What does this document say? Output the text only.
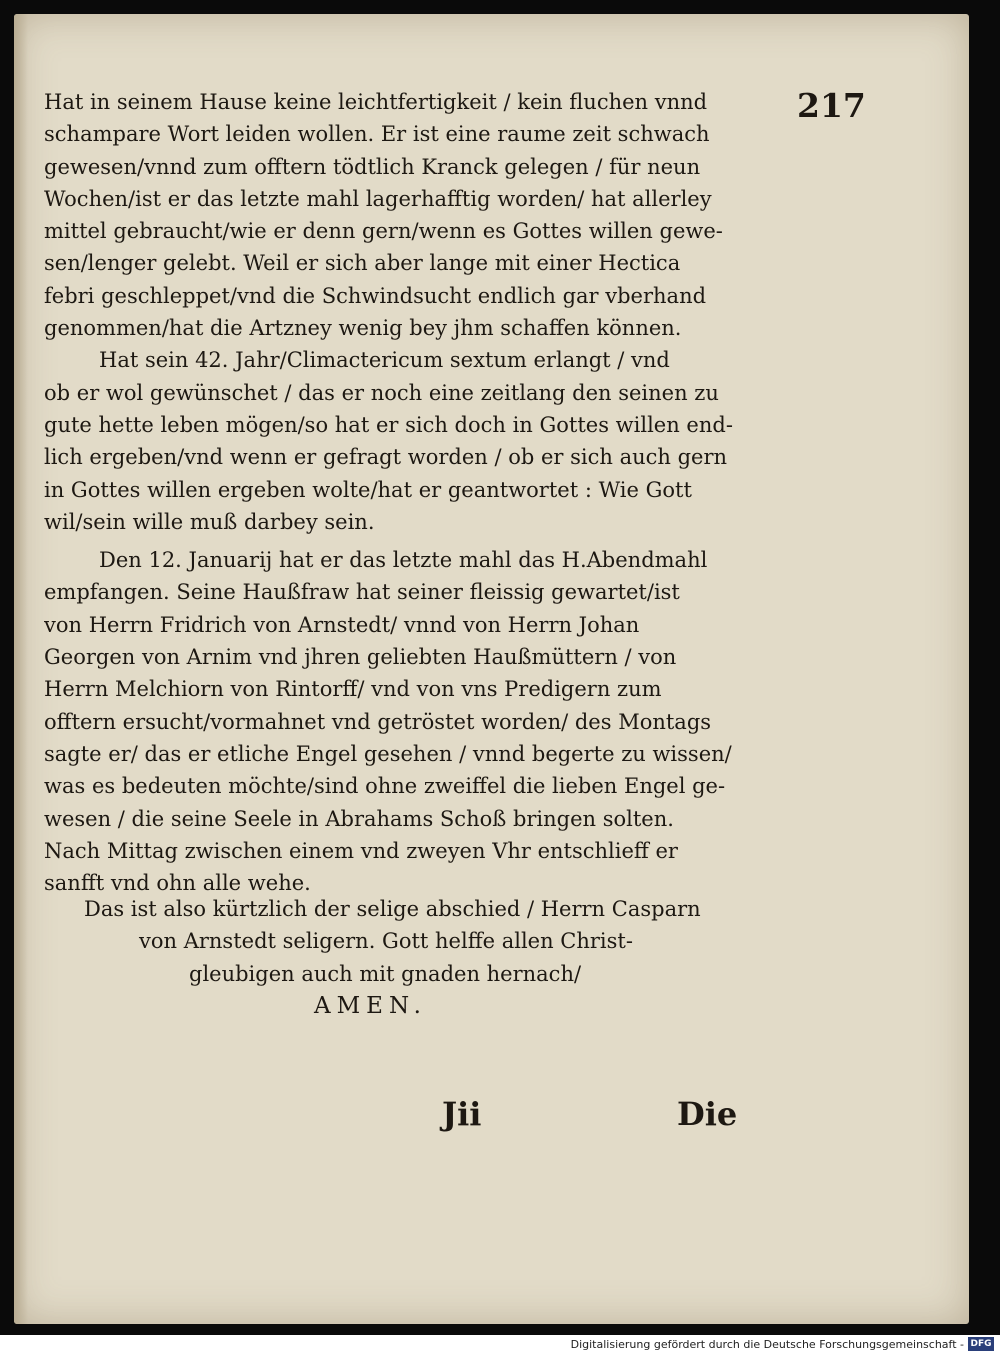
217
Hat in seinem Hause keine leichtfertigkeit / kein fluchen vnnd
schampare Wort leiden wollen. Er ist eine raume zeit schwach
gewesen/vnnd zum offtern tödtlich Kranck gelegen / für neun
Wochen/ist er das letzte mahl lagerhafftig worden/ hat allerley
mittel gebraucht/wie er denn gern/wenn es Gottes willen gewe-
sen/lenger gelebt. Weil er sich aber lange mit einer Hectica
febri geschleppet/vnd die Schwindsucht endlich gar vberhand
genommen/hat die Artzney wenig bey jhm schaffen können.
Hat sein 42. Jahr/Climactericum sextum erlangt / vnd
ob er wol gewünschet / das er noch eine zeitlang den seinen zu
gute hette leben mögen/so hat er sich doch in Gottes willen end-
lich ergeben/vnd wenn er gefragt worden / ob er sich auch gern
in Gottes willen ergeben wolte/hat er geantwortet : Wie Gott
wil/sein wille muß darbey sein.
Den 12. Januarij hat er das letzte mahl das H.Abendmahl
empfangen. Seine Haußfraw hat seiner fleissig gewartet/ist
von Herrn Fridrich von Arnstedt/ vnnd von Herrn Johan
Georgen von Arnim vnd jhren geliebten Haußmüttern / von
Herrn Melchiorn von Rintorff/ vnd von vns Predigern zum
offtern ersucht/vormahnet vnd getröstet worden/ des Montags
sagte er/ das er etliche Engel gesehen / vnnd begerte zu wissen/
was es bedeuten möchte/sind ohne zweiffel die lieben Engel ge-
wesen / die seine Seele in Abrahams Schoß bringen solten.
Nach Mittag zwischen einem vnd zweyen Vhr entschlieff er
sanfft vnd ohn alle wehe.
Das ist also kürtzlich der selige abschied / Herrn Casparn
von Arnstedt seligern. Gott helffe allen Christ-
gleubigen auch mit gnaden hernach/
AMEN.
Jii	Die
Digitalisierung gefördert durch die Deutsche Forschungsgemeinschaft - DFG
